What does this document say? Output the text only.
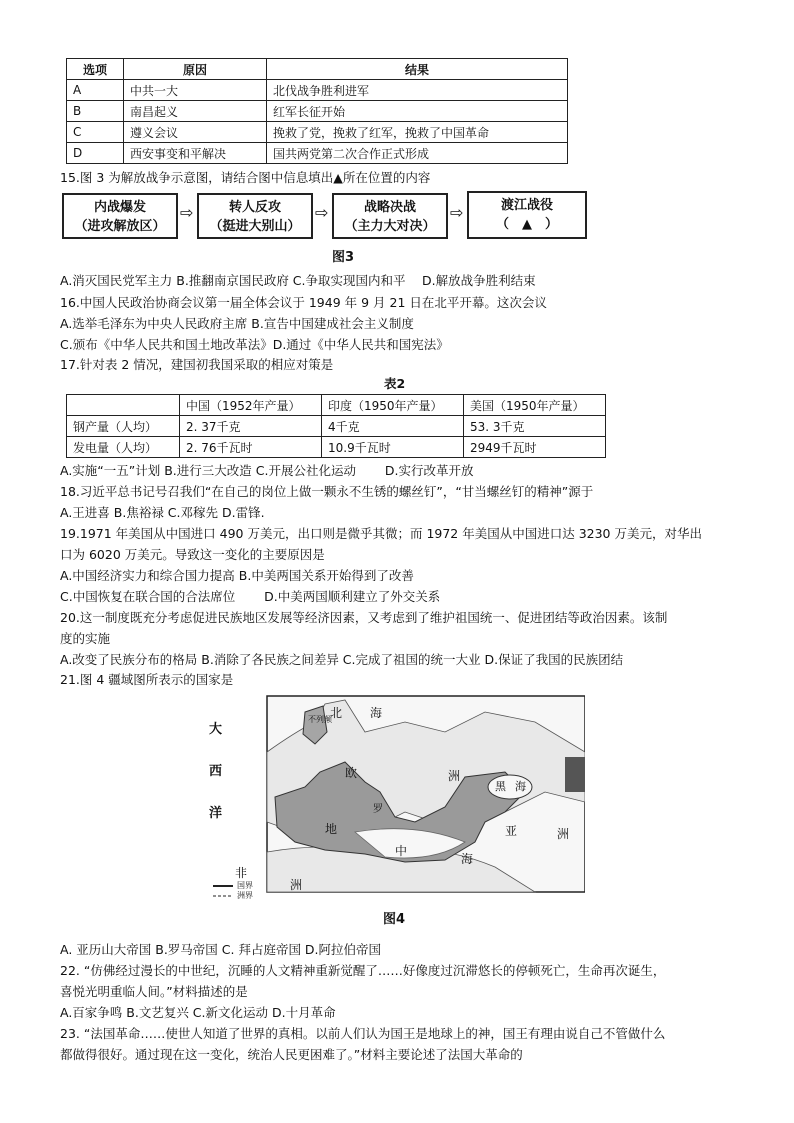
选项	原因	结果
A	中共一大	北伐战争胜利进军
B	南昌起义	红军长征开始
C	遵义会议	挽救了党，挽救了红军，挽救了中国革命
D	西安事变和平解决	国共两党第二次合作正式形成
15.图 3 为解放战争示意图，请结合图中信息填出▲所在位置的内容
内战爆发
（进攻解放区）
⇨	转人反攻
（挺进大别山）
⇨	战略决战
（主力大对决）
⇨	渡江战役
（　▲　）
图3
A.消灭国民党军主力 B.推翻南京国民政府 C.争取实现国内和平　 D.解放战争胜利结束
16.中国人民政治协商会议第一届全体会议于 1949 年 9 月 21 日在北平开幕。这次会议
A.选举毛泽东为中央人民政府主席 B.宣告中国建成社会主义制度
C.颁布《中华人民共和国土地改革法》D.通过《中华人民共和国宪法》
17.针对表 2 情况，建国初我国采取的相应对策是
表2
	中国（1952年产量）	印度（1950年产量）	美国（1950年产量）
钢产量（人均）	2. 37千克	4千克	53. 3千克
发电量（人均）	2. 76千瓦时	10.9千瓦时	2949千瓦时
A.实施“一五”计划 B.进行三大改造 C.开展公社化运动　　 D.实行改革开放
18.习近平总书记号召我们“在自己的岗位上做一颗永不生锈的螺丝钉”，“甘当螺丝钉的精神”源于
A.王进喜 B.焦裕禄 C.邓稼先 D.雷锋.
19.1971 年美国从中国进口 490 万美元，出口则是微乎其微；而 1972 年美国从中国进口达 3230 万美元，对华出
口为 6020 万美元。导致这一变化的主要原因是
A.中国经济实力和综合国力提高 B.中美两国关系开始得到了改善
C.中国恢复在联合国的合法席位　　 D.中美两国顺利建立了外交关系
20.这一制度既充分考虑促进民族地区发展等经济因素，又考虑到了维护祖国统一、促进团结等政治因素。该制
度的实施
A.改变了民族分布的格局 B.消除了各民族之间差异 C.完成了祖国的统一大业 D.保证了我国的民族团结
21.图 4 疆域图所表示的国家是
大
西
洋
北 海
不列颠
欧	洲
黑 海
亚	洲
罗
地
中
海
非
洲
国界
洲界
图4
A. 亚历山大帝国 B.罗马帝国 C. 拜占庭帝国 D.阿拉伯帝国
22. “仿佛经过漫长的中世纪，沉睡的人文精神重新觉醒了……好像度过沉滞悠长的停顿死亡，生命再次诞生，
喜悦光明重临人间。”材料描述的是
A.百家争鸣 B.文艺复兴 C.新文化运动 D.十月革命
23. “法国革命……使世人知道了世界的真相。以前人们认为国王是地球上的神，国王有理由说自己不管做什么
都做得很好。通过现在这一变化，统治人民更困难了。”材料主要论述了法国大革命的
